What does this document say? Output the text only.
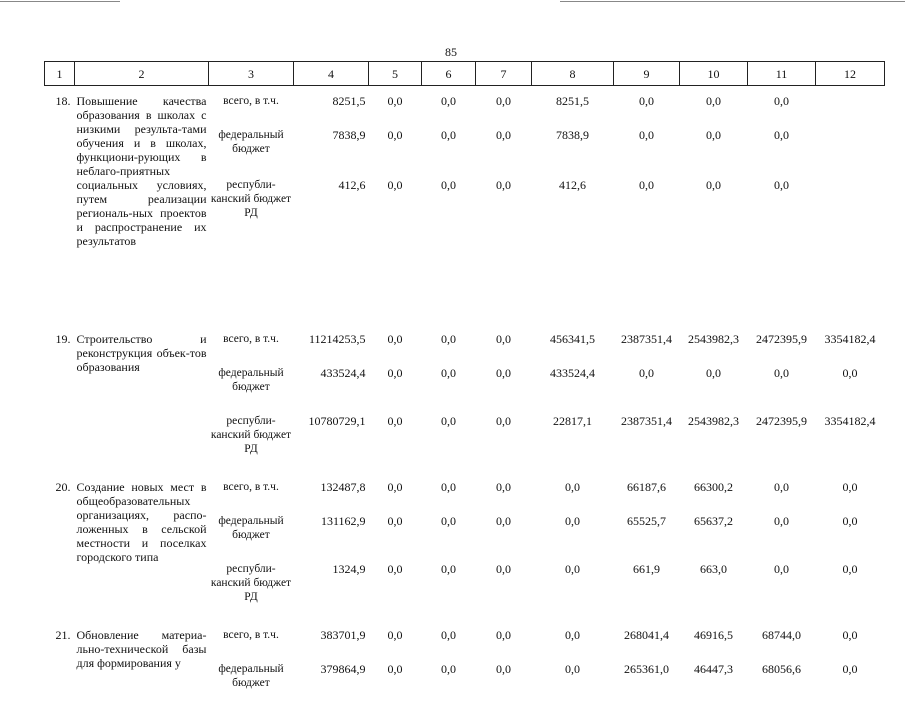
85
1	2	3	4	5	6	7	8	9	10	11	12
18.	Повышение качества образования в школах с низкими результа-тами обучения и в школах, функциони-рующих в неблаго-приятных социальных условиях, путем реализации региональ-ных проектов и распространение их результатов	всего, в т.ч.	8251,5	0,0	0,0	0,0	8251,5	0,0	0,0	0,0	
		федеральный бюджет	7838,9	0,0	0,0	0,0	7838,9	0,0	0,0	0,0	
		республи-канский бюджет РД	412,6	0,0	0,0	0,0	412,6	0,0	0,0	0,0	

19.	Строительство и реконструкция объек-тов образования	всего, в т.ч.	11214253,5	0,0	0,0	0,0	456341,5	2387351,4	2543982,3	2472395,9	3354182,4
		федеральный бюджет	433524,4	0,0	0,0	0,0	433524,4	0,0	0,0	0,0	0,0
		республи-канский бюджет РД	10780729,1	0,0	0,0	0,0	22817,1	2387351,4	2543982,3	2472395,9	3354182,4

20.	Создание новых мест в общеобразовательных организациях, распо-ложенных в сельской местности и поселках городского типа	всего, в т.ч.	132487,8	0,0	0,0	0,0	0,0	66187,6	66300,2	0,0	0,0
		федеральный бюджет	131162,9	0,0	0,0	0,0	0,0	65525,7	65637,2	0,0	0,0
		республи-канский бюджет РД	1324,9	0,0	0,0	0,0	0,0	661,9	663,0	0,0	0,0

21.	Обновление материа-льно-технической базы для формирования у	всего, в т.ч.	383701,9	0,0	0,0	0,0	0,0	268041,4	46916,5	68744,0	0,0
		федеральный бюджет	379864,9	0,0	0,0	0,0	0,0	265361,0	46447,3	68056,6	0,0
